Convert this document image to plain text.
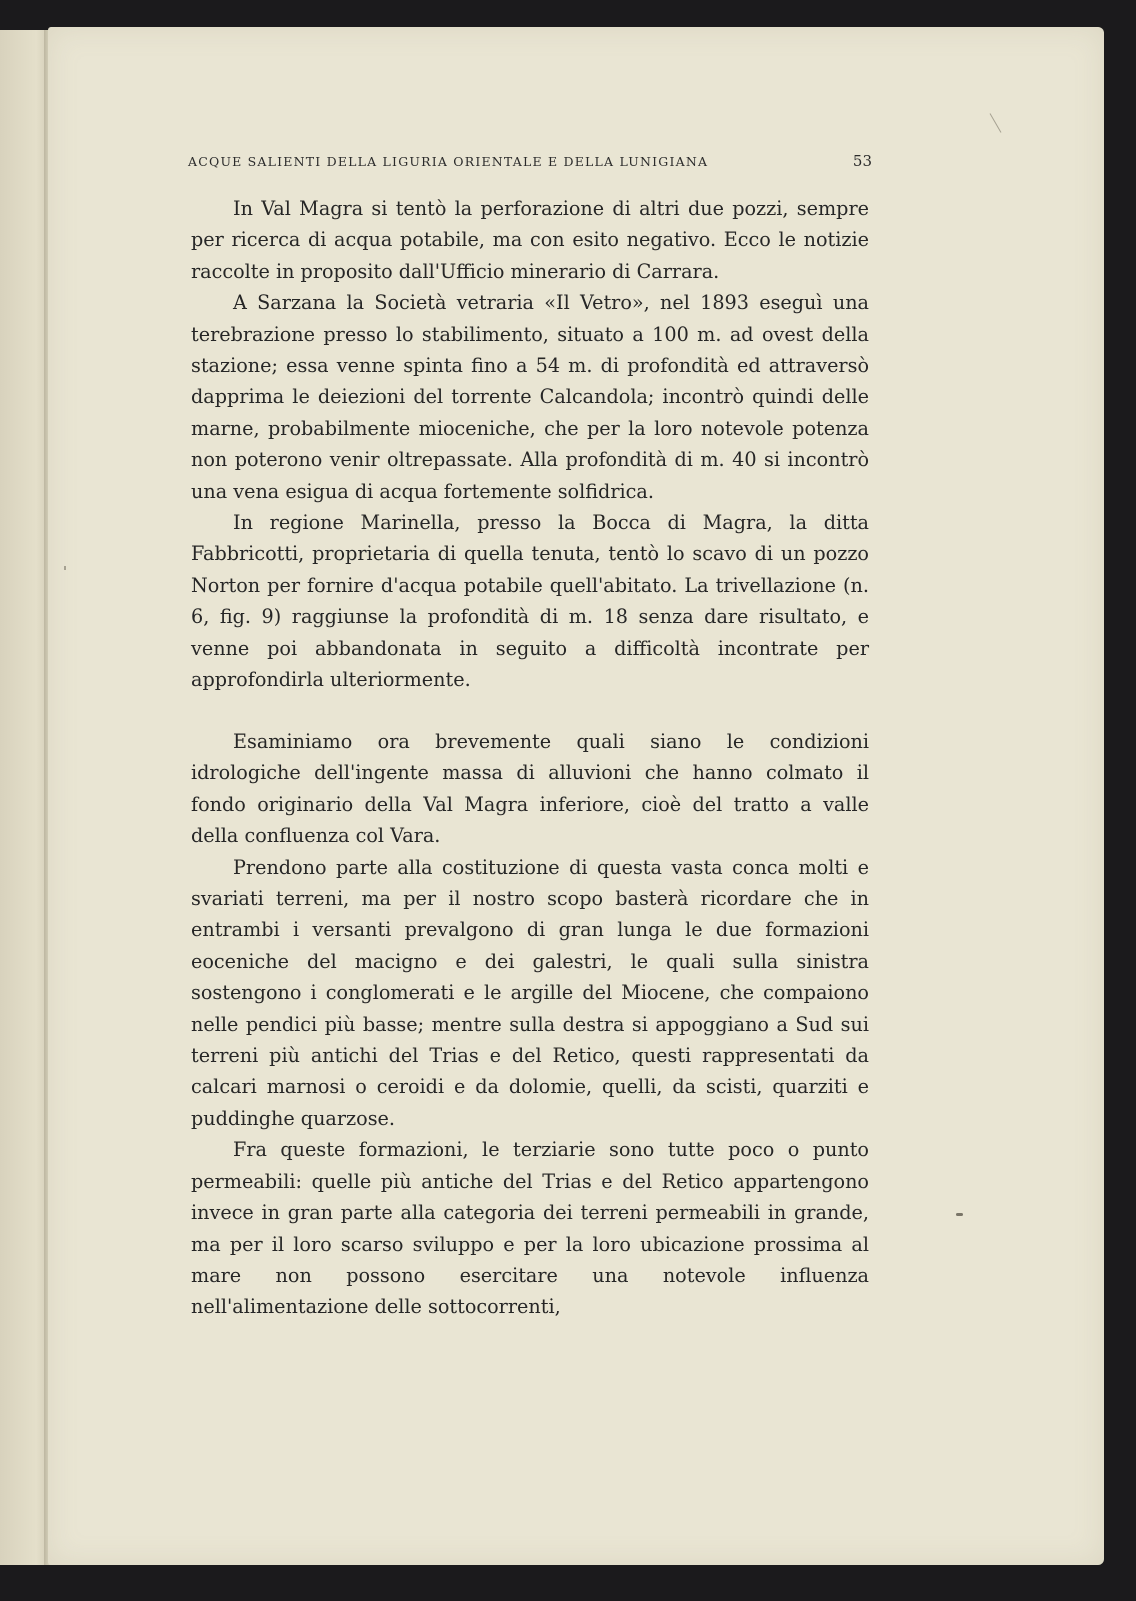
ACQUE SALIENTI DELLA LIGURIA ORIENTALE E DELLA LUNIGIANA	53

In Val Magra si tentò la perforazione di altri due pozzi, sempre per ricerca di acqua potabile, ma con esito negativo. Ecco le notizie raccolte in proposito dall'Ufficio minerario di Carrara.

A Sarzana la Società vetraria «Il Vetro», nel 1893 eseguì una terebrazione presso lo stabilimento, situato a 100 m. ad ovest della stazione; essa venne spinta fino a 54 m. di profondità ed attraversò dapprima le deiezioni del torrente Calcandola; incontrò quindi delle marne, probabilmente mioceniche, che per la loro notevole potenza non poterono venir oltrepassate. Alla profondità di m. 40 si incontrò una vena esigua di acqua fortemente solfidrica.

In regione Marinella, presso la Bocca di Magra, la ditta Fabbricotti, proprietaria di quella tenuta, tentò lo scavo di un pozzo Norton per fornire d'acqua potabile quell'abitato. La trivellazione (n. 6, fig. 9) raggiunse la profondità di m. 18 senza dare risultato, e venne poi abbandonata in seguito a difficoltà incontrate per approfondirla ulteriormente.

Esaminiamo ora brevemente quali siano le condizioni idrologiche dell'ingente massa di alluvioni che hanno colmato il fondo originario della Val Magra inferiore, cioè del tratto a valle della confluenza col Vara.

Prendono parte alla costituzione di questa vasta conca molti e svariati terreni, ma per il nostro scopo basterà ricordare che in entrambi i versanti prevalgono di gran lunga le due formazioni eoceniche del macigno e dei galestri, le quali sulla sinistra sostengono i conglomerati e le argille del Miocene, che compaiono nelle pendici più basse; mentre sulla destra si appoggiano a Sud sui terreni più antichi del Trias e del Retico, questi rappresentati da calcari marnosi o ceroidi e da dolomie, quelli, da scisti, quarziti e puddinghe quarzose.

Fra queste formazioni, le terziarie sono tutte poco o punto permeabili: quelle più antiche del Trias e del Retico appartengono invece in gran parte alla categoria dei terreni permeabili in grande, ma per il loro scarso sviluppo e per la loro ubicazione prossima al mare non possono esercitare una notevole influenza nell'alimentazione delle sottocorrenti,
